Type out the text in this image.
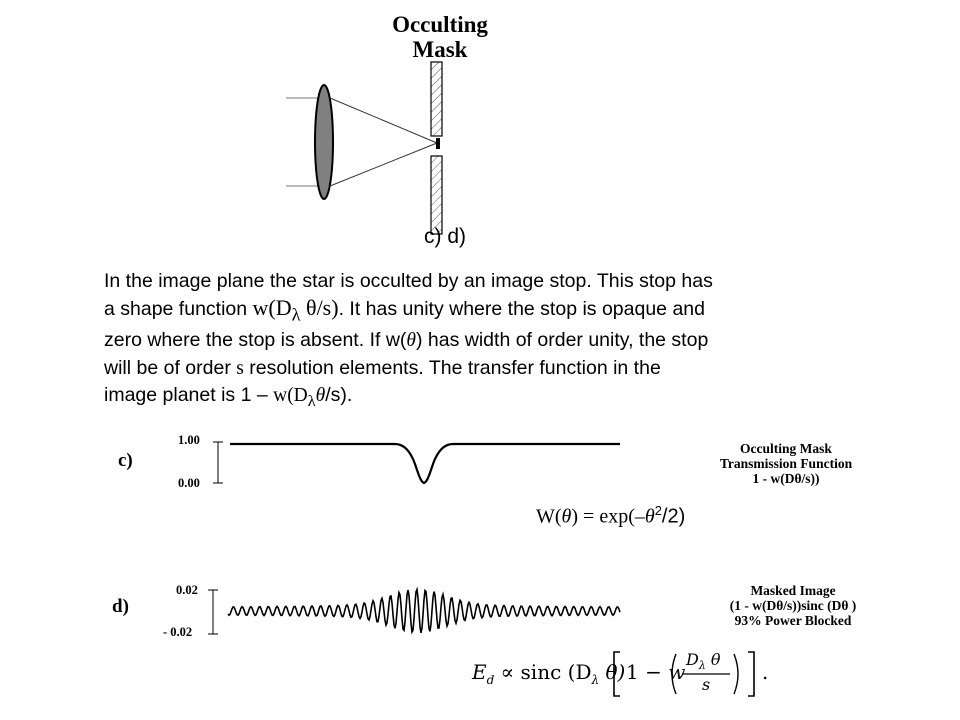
Occulting
Mask
c) d)
In the image plane the star is occulted by an image stop. This stop has
a shape function $w(D_\lambda$ θ/s). It has unity where the stop is opaque and
zero where the stop is absent. If w(θ) has width of order unity, the stop
will be of order s resolution elements. The transfer function in the
image planet is $1 - w(D_\lambda\theta/s)$.
c)
1.00
0.00
Occulting Mask
Transmission Function
1 - w(Dθ/s))
$W(\theta) = \exp(-\theta^2/2)$
d)
0.02
- 0.02
Masked Image
(1 - w(Dθ/s))sinc (Dθ )
93% Power Blocked
$E_d \propto \sin c$ ($D_\lambda$ θ) 1 − w
$D_\lambda$ θ
s
.
